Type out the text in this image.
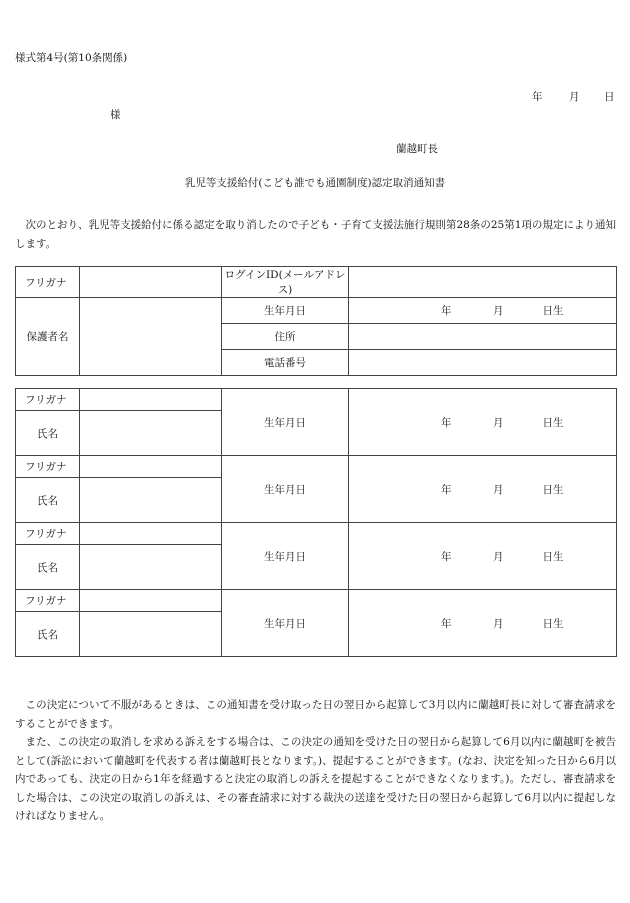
様式第4号(第10条関係)
年	月 日
様
蘭越町長
乳児等支援給付(こども誰でも通園制度)認定取消通知書
次のとおり、乳児等支援給付に係る認定を取り消したので子ども・子育て支援法施行規則第28条の25第1項の規定により通知します。
フリガナ		ログインID(メールアドレス)	
保護者名		生年月日	年 月 日生

		住所	
		電話番号	
フリガナ		生年月日	年 月 日生

氏名			
フリガナ		生年月日	年 月 日生

氏名			
フリガナ		生年月日	年 月 日生

氏名			
フリガナ		生年月日	年 月 日生

氏名			

この決定について不服があるときは、この通知書を受け取った日の翌日から起算して3月以内に蘭越町長に対して審査請求をすることができます。

また、この決定の取消しを求める訴えをする場合は、この決定の通知を受けた日の翌日から起算して6月以内に蘭越町を被告として(訴訟において蘭越町を代表する者は蘭越町長となります。)、提起することができます。(なお、決定を知った日から6月以内であっても、決定の日から1年を経過すると決定の取消しの訴えを提起することができなくなります。)。ただし、審査請求をした場合は、この決定の取消しの訴えは、その審査請求に対する裁決の送達を受けた日の翌日から起算して6月以内に提起しなければなりません。
